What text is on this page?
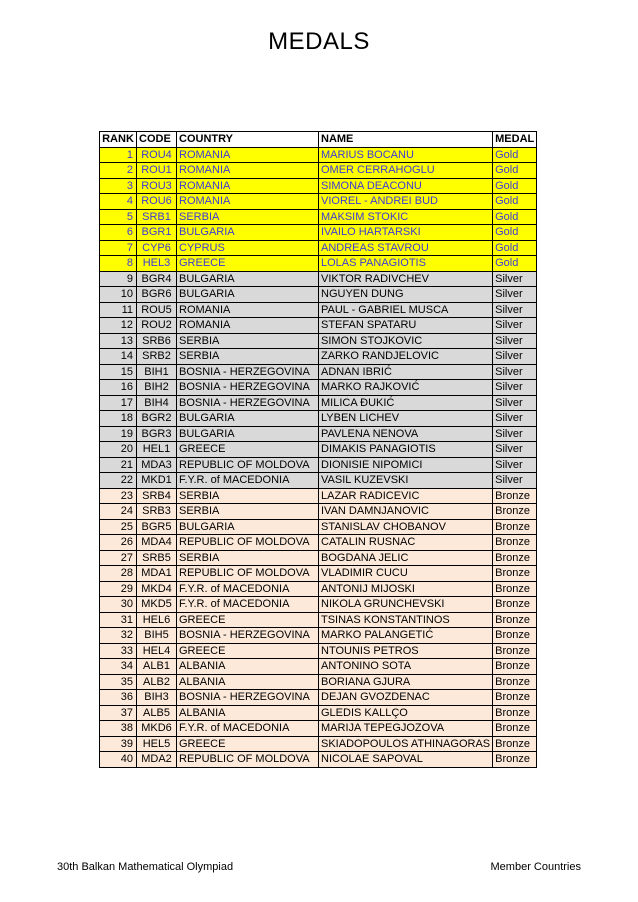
MEDALS
RANK	CODE	COUNTRY	NAME	MEDAL
1	ROU4	ROMANIA	MARIUS BOCANU	Gold
2	ROU1	ROMANIA	OMER CERRAHOGLU	Gold
3	ROU3	ROMANIA	SIMONA DEACONU	Gold
4	ROU6	ROMANIA	VIOREL - ANDREI BUD	Gold
5	SRB1	SERBIA	MAKSIM STOKIC	Gold
6	BGR1	BULGARIA	IVAILO HARTARSKI	Gold
7	CYP6	CYPRUS	ANDREAS STAVROU	Gold
8	HEL3	GREECE	LOLAS PANAGIOTIS	Gold
9	BGR4	BULGARIA	VIKTOR RADIVCHEV	Silver
10	BGR6	BULGARIA	NGUYEN DUNG	Silver
11	ROU5	ROMANIA	PAUL - GABRIEL MUSCA	Silver
12	ROU2	ROMANIA	STEFAN SPATARU	Silver
13	SRB6	SERBIA	SIMON STOJKOVIC	Silver
14	SRB2	SERBIA	ZARKO RANDJELOVIC	Silver
15	BIH1	BOSNIA - HERZEGOVINA	ADNAN IBRIĆ	Silver
16	BIH2	BOSNIA - HERZEGOVINA	MARKO RAJKOVIĆ	Silver
17	BIH4	BOSNIA - HERZEGOVINA	MILICA ĐUKIĆ	Silver
18	BGR2	BULGARIA	LYBEN LICHEV	Silver
19	BGR3	BULGARIA	PAVLENA NENOVA	Silver
20	HEL1	GREECE	DIMAKIS PANAGIOTIS	Silver
21	MDA3	REPUBLIC OF MOLDOVA	DIONISIE NIPOMICI	Silver
22	MKD1	F.Y.R. of MACEDONIA	VASIL KUZEVSKI	Silver
23	SRB4	SERBIA	LAZAR RADICEVIC	Bronze
24	SRB3	SERBIA	IVAN DAMNJANOVIC	Bronze
25	BGR5	BULGARIA	STANISLAV CHOBANOV	Bronze
26	MDA4	REPUBLIC OF MOLDOVA	CATALIN RUSNAC	Bronze
27	SRB5	SERBIA	BOGDANA JELIC	Bronze
28	MDA1	REPUBLIC OF MOLDOVA	VLADIMIR CUCU	Bronze
29	MKD4	F.Y.R. of MACEDONIA	ANTONIJ MIJOSKI	Bronze
30	MKD5	F.Y.R. of MACEDONIA	NIKOLA GRUNCHEVSKI	Bronze
31	HEL6	GREECE	TSINAS KONSTANTINOS	Bronze
32	BIH5	BOSNIA - HERZEGOVINA	MARKO PALANGETIĆ	Bronze
33	HEL4	GREECE	NTOUNIS PETROS	Bronze
34	ALB1	ALBANIA	ANTONINO SOTA	Bronze
35	ALB2	ALBANIA	BORIANA GJURA	Bronze
36	BIH3	BOSNIA - HERZEGOVINA	DEJAN GVOZDENAC	Bronze
37	ALB5	ALBANIA	GLEDIS KALLÇO	Bronze
38	MKD6	F.Y.R. of MACEDONIA	MARIJA TEPEGJOZOVA	Bronze
39	HEL5	GREECE	SKIADOPOULOS ATHINAGORAS	Bronze
40	MDA2	REPUBLIC OF MOLDOVA	NICOLAE SAPOVAL	Bronze
30th Balkan Mathematical Olympiad	Member Countries
